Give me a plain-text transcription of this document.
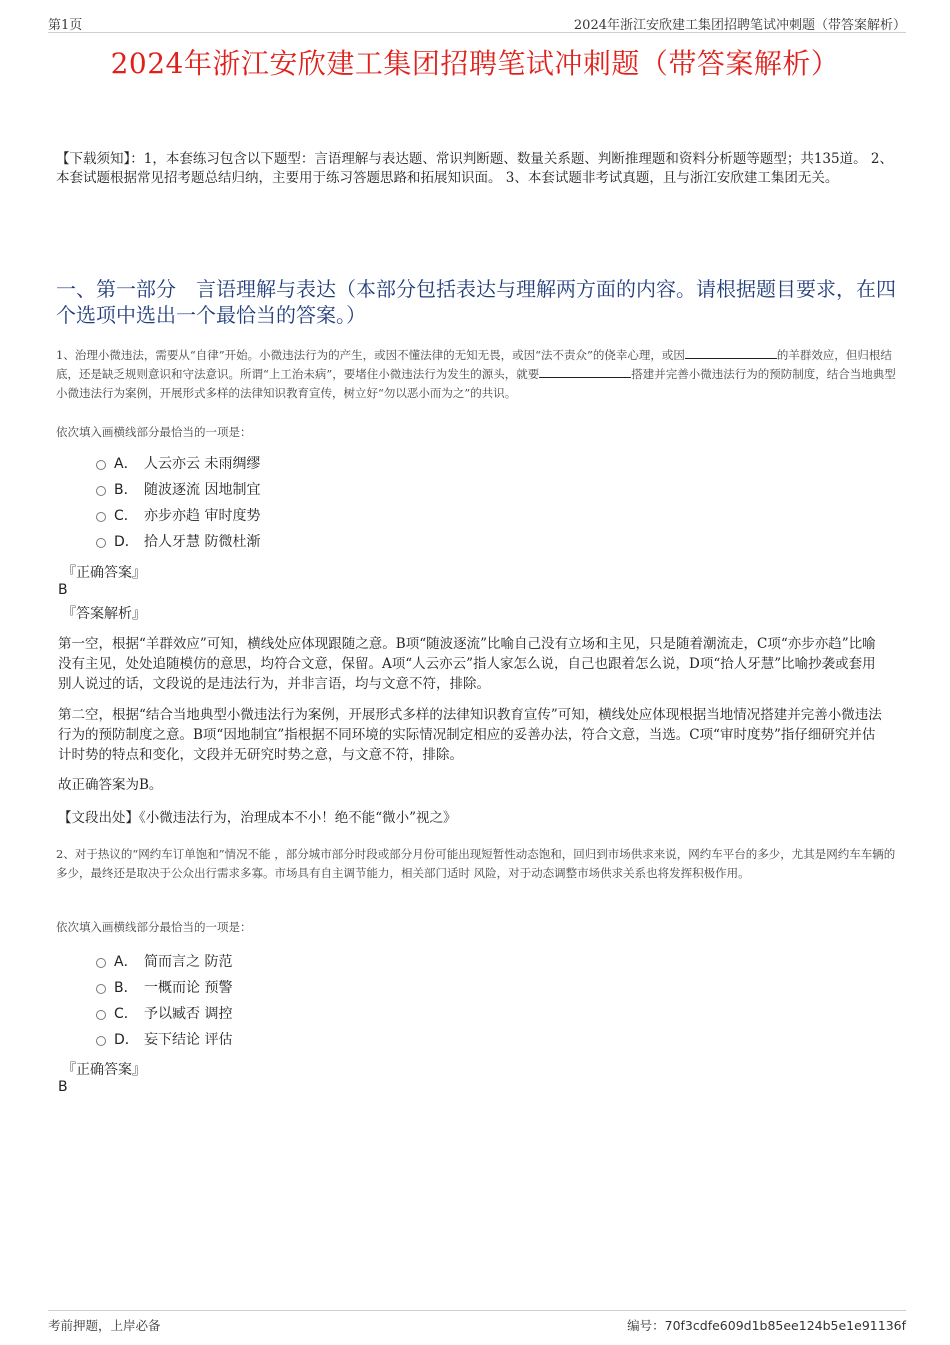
第1页	2024年浙江安欣建工集团招聘笔试冲刺题（带答案解析）
2024年浙江安欣建工集团招聘笔试冲刺题（带答案解析）
【下载须知】：1，本套练习包含以下题型：言语理解与表达题、常识判断题、数量关系题、判断推理题和资料分析题等题型；共135道。 2、本套试题根据常见招考题总结归纳，主要用于练习答题思路和拓展知识面。 3、本套试题非考试真题，且与浙江安欣建工集团无关。
一、第一部分　言语理解与表达（本部分包括表达与理解两方面的内容。请根据题目要求，在四个选项中选出一个最恰当的答案。）
1、治理小微违法，需要从“自律”开始。小微违法行为的产生，或因不懂法律的无知无畏，或因“法不责众”的侥幸心理，或因	的羊群效应，但归根结底，还是缺乏规则意识和守法意识。所谓“上工治未病”，要堵住小微违法行为发生的源头，就要	搭建并完善小微违法行为的预防制度，结合当地典型小微违法行为案例，开展形式多样的法律知识教育宣传，树立好“勿以恶小而为之”的共识。
依次填入画横线部分最恰当的一项是：
A． 人云亦云 未雨绸缪
B． 随波逐流 因地制宜
C． 亦步亦趋 审时度势
D． 拾人牙慧 防微杜渐
『正确答案』
B
『答案解析』
第一空，根据“羊群效应”可知，横线处应体现跟随之意。B项“随波逐流”比喻自己没有立场和主见，只是随着潮流走，C项“亦步亦趋”比喻没有主见，处处追随模仿的意思，均符合文意，保留。A项“人云亦云”指人家怎么说，自己也跟着怎么说，D项“拾人牙慧”比喻抄袭或套用别人说过的话，文段说的是违法行为，并非言语，均与文意不符，排除。
第二空，根据“结合当地典型小微违法行为案例，开展形式多样的法律知识教育宣传”可知，横线处应体现根据当地情况搭建并完善小微违法行为的预防制度之意。B项“因地制宜”指根据不同环境的实际情况制定相应的妥善办法，符合文意，当选。C项“审时度势”指仔细研究并估计时势的特点和变化，文段并无研究时势之意，与文意不符，排除。
故正确答案为B。
【文段出处】《小微违法行为，治理成本不小！绝不能“微小”视之》
2、对于热议的“网约车订单饱和”情况不能 ，部分城市部分时段或部分月份可能出现短暂性动态饱和，回归到市场供求来说，网约车平台的多少，尤其是网约车车辆的多少，最终还是取决于公众出行需求多寡。市场具有自主调节能力，相关部门适时 风险，对于动态调整市场供求关系也将发挥积极作用。
依次填入画横线部分最恰当的一项是：
A． 简而言之 防范
B． 一概而论 预警
C． 予以臧否 调控
D． 妄下结论 评估
『正确答案』
B
考前押题，上岸必备	编号：70f3cdfe609d1b85ee124b5e1e91136f
